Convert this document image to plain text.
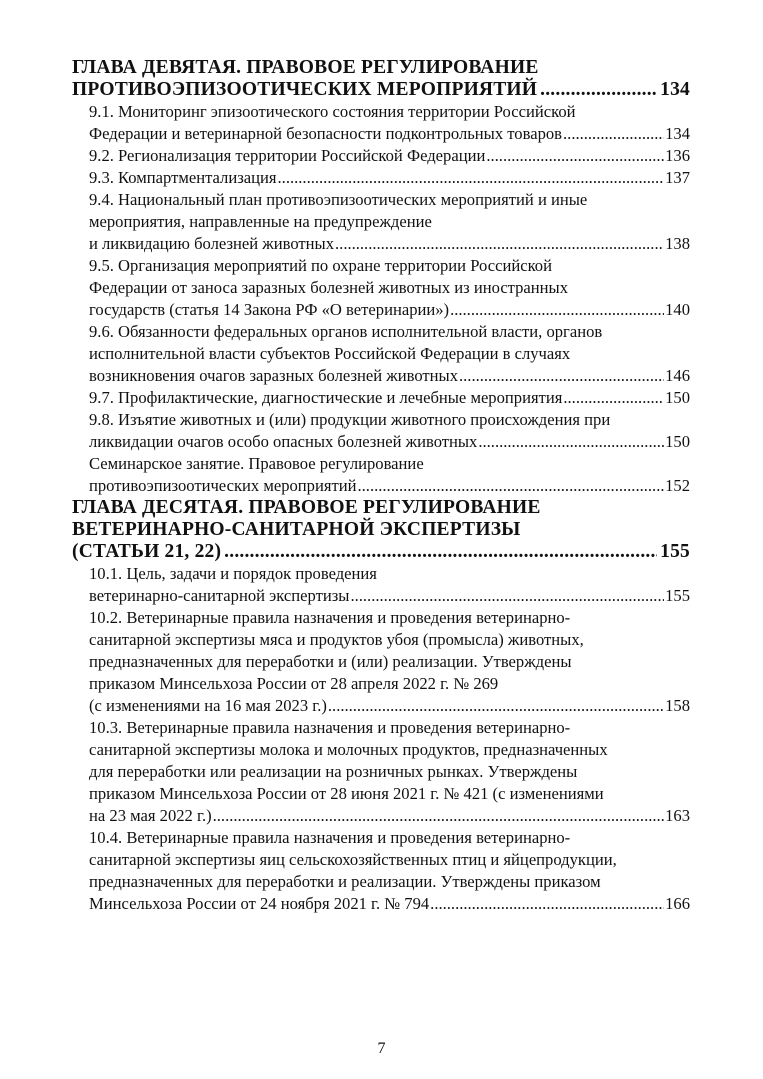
ГЛАВА ДЕВЯТАЯ. ПРАВОВОЕ РЕГУЛИРОВАНИЕ
ПРОТИВОЭПИЗООТИЧЕСКИХ МЕРОПРИЯТИЙ .....	134
9.1. Мониторинг эпизоотического состояния территории Российской
Федерации и ветеринарной безопасности подконтрольных товаров .....	134
9.2. Регионализация территории Российской Федерации .....	136
9.3. Компартментализация .....	137
9.4. Национальный план противоэпизоотических мероприятий и иные
мероприятия, направленные на предупреждение
и ликвидацию болезней животных .....	138
9.5. Организация мероприятий по охране территории Российской
Федерации от заноса заразных болезней животных из иностранных
государств (статья 14 Закона РФ «О ветеринарии») .....	140
9.6. Обязанности федеральных органов исполнительной власти, органов
исполнительной власти субъектов Российской Федерации в случаях
возникновения очагов заразных болезней животных .....	146
9.7. Профилактические, диагностические и лечебные мероприятия .....	150
9.8. Изъятие животных и (или) продукции животного происхождения при
ликвидации очагов особо опасных болезней животных .....	150
Семинарское занятие. Правовое регулирование
противоэпизоотических мероприятий .....	152
ГЛАВА ДЕСЯТАЯ. ПРАВОВОЕ РЕГУЛИРОВАНИЕ
ВЕТЕРИНАРНО-САНИТАРНОЙ ЭКСПЕРТИЗЫ
(СТАТЬИ 21, 22) .....	155
10.1. Цель, задачи и порядок проведения
ветеринарно-санитарной экспертизы .....	155
10.2. Ветеринарные правила назначения и проведения ветеринарно-
санитарной экспертизы мяса и продуктов убоя (промысла) животных,
предназначенных для переработки и (или) реализации. Утверждены
приказом Минсельхоза России от 28 апреля 2022 г. № 269
(с изменениями на 16 мая 2023 г.) .....	158
10.3. Ветеринарные правила назначения и проведения ветеринарно-
санитарной экспертизы молока и молочных продуктов, предназначенных
для переработки или реализации на розничных рынках. Утверждены
приказом Минсельхоза России от 28 июня 2021 г. № 421 (с изменениями
на 23 мая 2022 г.) .....	163
10.4. Ветеринарные правила назначения и проведения ветеринарно-
санитарной экспертизы яиц сельскохозяйственных птиц и яйцепродукции,
предназначенных для переработки и реализации. Утверждены приказом
Минсельхоза России от 24 ноября 2021 г. № 794 .....	166
7
